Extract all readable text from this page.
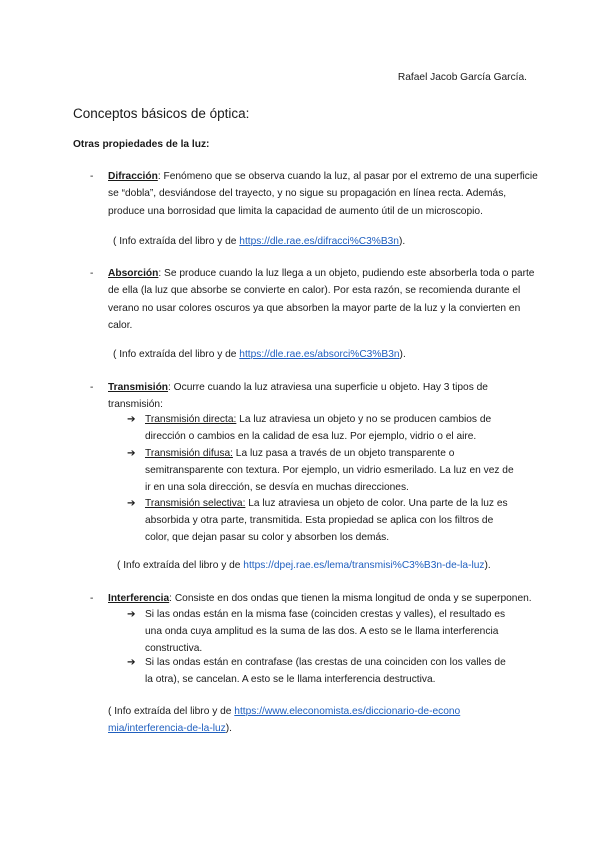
Rafael Jacob García García.
Conceptos básicos de óptica:
Otras propiedades de la luz:
- Difracción: Fenómeno que se observa cuando la luz, al pasar por el extremo de una superficie se “dobla”, desviándose del trayecto, y no sigue su propagación en línea recta. Además, produce una borrosidad que limita la capacidad de aumento útil de un microscopio.
( Info extraída del libro y de https://dle.rae.es/difracci%C3%B3n).
- Absorción: Se produce cuando la luz llega a un objeto, pudiendo este absorberla toda o parte de ella (la luz que absorbe se convierte en calor). Por esta razón, se recomienda durante el verano no usar colores oscuros ya que absorben la mayor parte de la luz y la convierten en calor.
( Info extraída del libro y de https://dle.rae.es/absorci%C3%B3n).
- Transmisión: Ocurre cuando la luz atraviesa una superficie u objeto. Hay 3 tipos de transmisión:
➔ Transmisión directa: La luz atraviesa un objeto y no se producen cambios de dirección o cambios en la calidad de esa luz. Por ejemplo, vidrio o el aire.
➔ Transmisión difusa: La luz pasa a través de un objeto transparente o semitransparente con textura. Por ejemplo, un vidrio esmerilado. La luz en vez de ir en una sola dirección, se desvía en muchas direcciones.
➔ Transmisión selectiva: La luz atraviesa un objeto de color. Una parte de la luz es absorbida y otra parte, transmitida. Esta propiedad se aplica con los filtros de color, que dejan pasar su color y absorben los demás.
( Info extraída del libro y de https://dpej.rae.es/lema/transmisi%C3%B3n-de-la-luz).
- Interferencia: Consiste en dos ondas que tienen la misma longitud de onda y se superponen.
➔ Si las ondas están en la misma fase (coinciden crestas y valles), el resultado es una onda cuya amplitud es la suma de las dos. A esto se le llama interferencia constructiva.
➔ Si las ondas están en contrafase (las crestas de una coinciden con los valles de la otra), se cancelan. A esto se le llama interferencia destructiva.
( Info extraída del libro y de https://www.eleconomista.es/diccionario-de-economia/interferencia-de-la-luz).
